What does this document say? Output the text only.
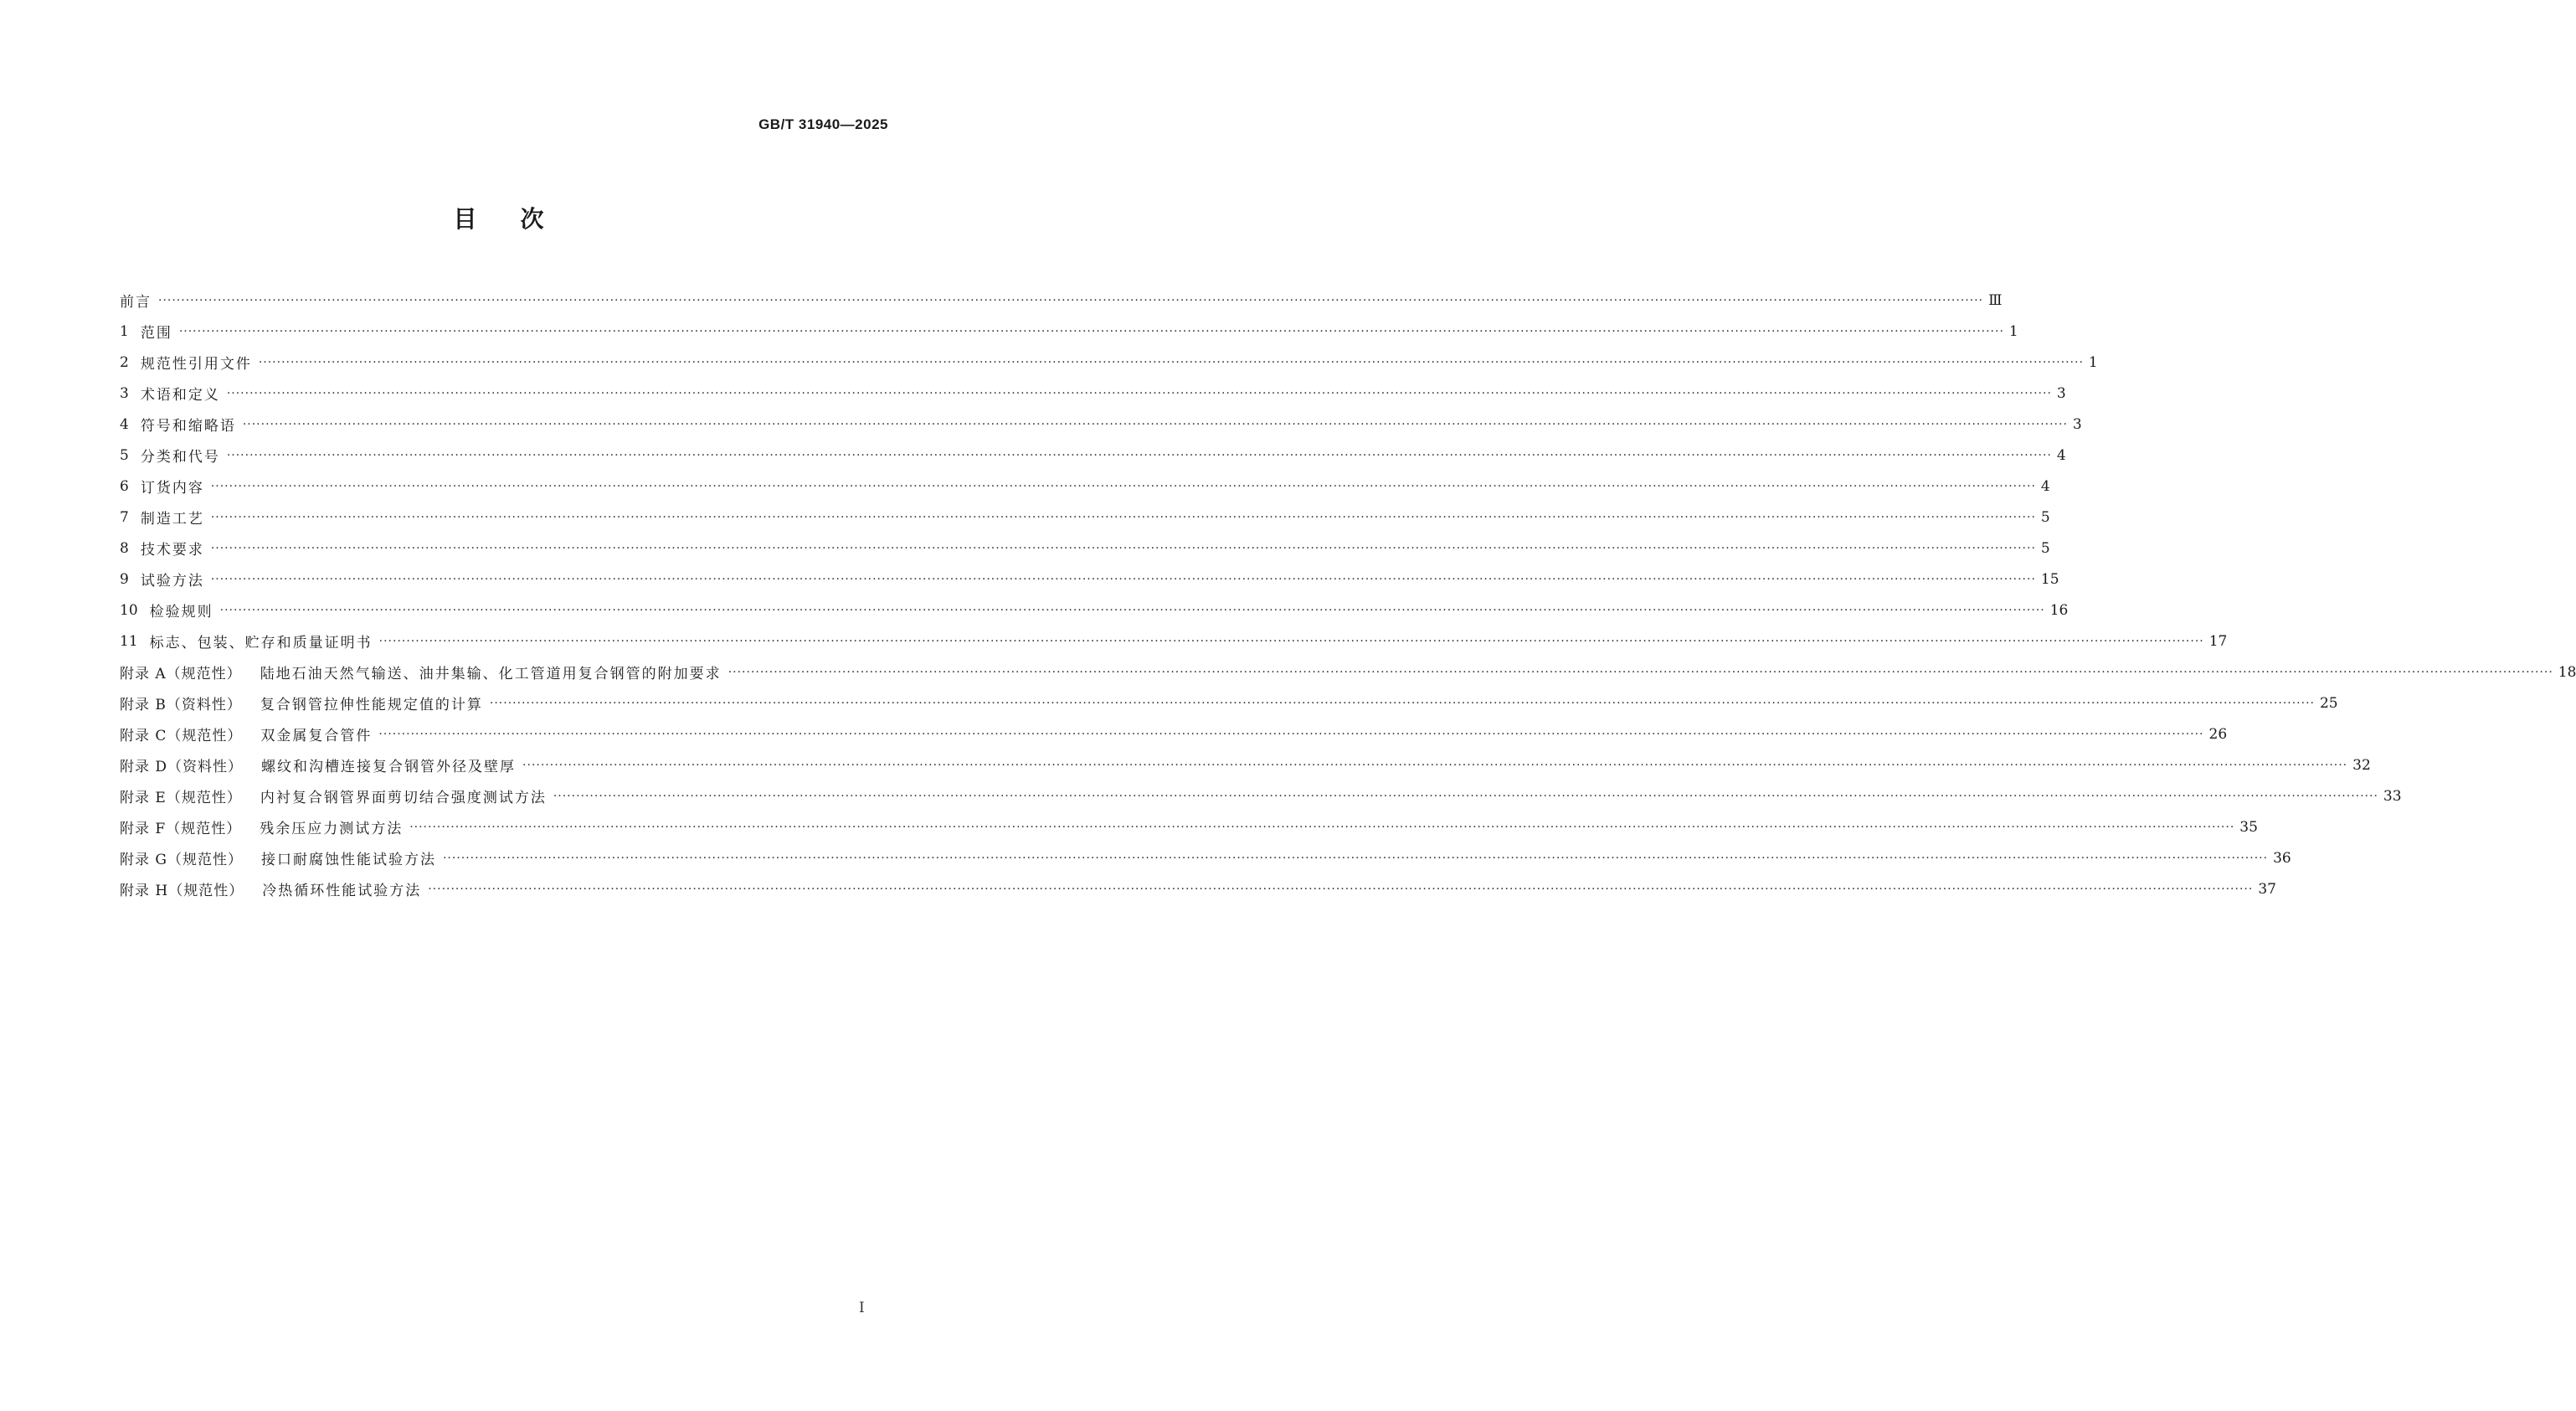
GB/T 31940—2025
目次
前言 ················································································································································································································································································································································································································ Ⅲ
1 范围 ················································································································································································································································································································································································································ 1
2 规范性引用文件 ················································································································································································································································································································································································································ 1
3 术语和定义 ················································································································································································································································································································································································································ 3
4 符号和缩略语 ················································································································································································································································································································································································································ 3
5 分类和代号 ················································································································································································································································································································································································································ 4
6 订货内容 ················································································································································································································································································································································································································ 4
7 制造工艺 ················································································································································································································································································································································································································ 5
8 技术要求 ················································································································································································································································································································································································································ 5
9 试验方法 ················································································································································································································································································································································································································ 15
10 检验规则 ················································································································································································································································································································································································································ 16
11 标志、包装、贮存和质量证明书 ················································································································································································································································································································································································································ 17
附录 A（规范性） 陆地石油天然气输送、油井集输、化工管道用复合钢管的附加要求 ················································································································································································································································································································································································································ 18
附录 B（资料性） 复合钢管拉伸性能规定值的计算 ················································································································································································································································································································································································································ 25
附录 C（规范性） 双金属复合管件 ················································································································································································································································································································································································································ 26
附录 D（资料性） 螺纹和沟槽连接复合钢管外径及壁厚 ················································································································································································································································································································································································································ 32
附录 E（规范性） 内衬复合钢管界面剪切结合强度测试方法 ················································································································································································································································································································································································································ 33
附录 F（规范性） 残余压应力测试方法 ················································································································································································································································································································································································································ 35
附录 G（规范性） 接口耐腐蚀性能试验方法 ················································································································································································································································································································································································································ 36
附录 H（规范性） 冷热循环性能试验方法 ················································································································································································································································································································································································································ 37
I
